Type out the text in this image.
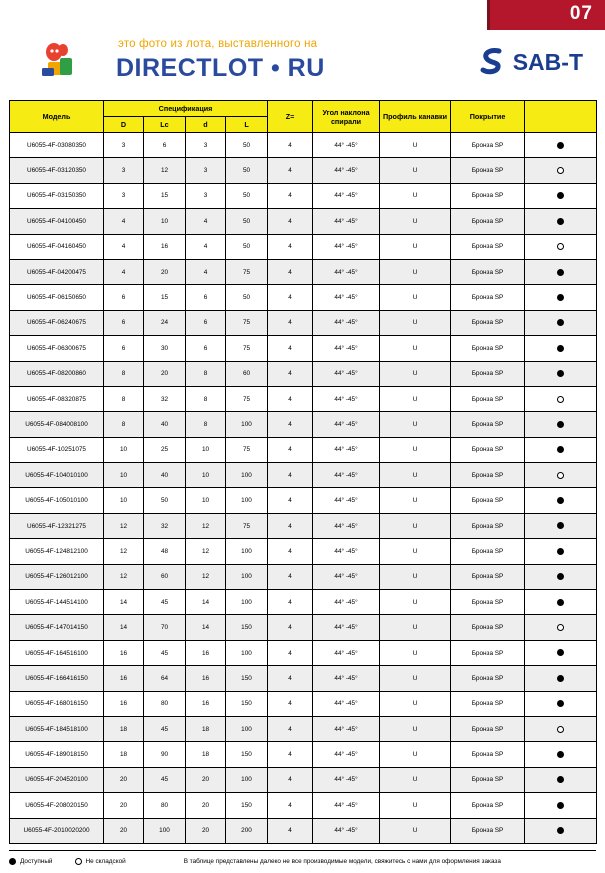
07
это фото из лота, выставленного на
DIRECTLOT • RU	SAB-T
Модель	Спецификация				Z=	Угол наклона спирали	Профиль канавки	Покрытие	
	D	Lc	d	L					
U6055-4F-03080350	3	6	3	50	4	44° -45°	U	Бронза SP	
U6055-4F-03120350	3	12	3	50	4	44° -45°	U	Бронза SP	
U6055-4F-03150350	3	15	3	50	4	44° -45°	U	Бронза SP	
U6055-4F-04100450	4	10	4	50	4	44° -45°	U	Бронза SP	
U6055-4F-04160450	4	16	4	50	4	44° -45°	U	Бронза SP	
U6055-4F-04200475	4	20	4	75	4	44° -45°	U	Бронза SP	
U6055-4F-06150650	6	15	6	50	4	44° -45°	U	Бронза SP	
U6055-4F-06240675	6	24	6	75	4	44° -45°	U	Бронза SP	
U6055-4F-06300675	6	30	6	75	4	44° -45°	U	Бронза SP	
U6055-4F-08200860	8	20	8	60	4	44° -45°	U	Бронза SP	
U6055-4F-08320875	8	32	8	75	4	44° -45°	U	Бронза SP	
U6055-4F-084008100	8	40	8	100	4	44° -45°	U	Бронза SP	
U6055-4F-10251075	10	25	10	75	4	44° -45°	U	Бронза SP	
U6055-4F-104010100	10	40	10	100	4	44° -45°	U	Бронза SP	
U6055-4F-105010100	10	50	10	100	4	44° -45°	U	Бронза SP	
U6055-4F-12321275	12	32	12	75	4	44° -45°	U	Бронза SP	
U6055-4F-124812100	12	48	12	100	4	44° -45°	U	Бронза SP	
U6055-4F-126012100	12	60	12	100	4	44° -45°	U	Бронза SP	
U6055-4F-144514100	14	45	14	100	4	44° -45°	U	Бронза SP	
U6055-4F-147014150	14	70	14	150	4	44° -45°	U	Бронза SP	
U6055-4F-164516100	16	45	16	100	4	44° -45°	U	Бронза SP	
U6055-4F-166416150	16	64	16	150	4	44° -45°	U	Бронза SP	
U6055-4F-168016150	16	80	16	150	4	44° -45°	U	Бронза SP	
U6055-4F-184518100	18	45	18	100	4	44° -45°	U	Бронза SP	
U6055-4F-189018150	18	90	18	150	4	44° -45°	U	Бронза SP	
U6055-4F-204520100	20	45	20	100	4	44° -45°	U	Бронза SP	
U6055-4F-208020150	20	80	20	150	4	44° -45°	U	Бронза SP	
U6055-4F-2010020200	20	100	20	200	4	44° -45°	U	Бронза SP	
Доступный	Не складской	В таблице представлены далеко не все производимые модели, свяжитесь с нами для оформления заказа
